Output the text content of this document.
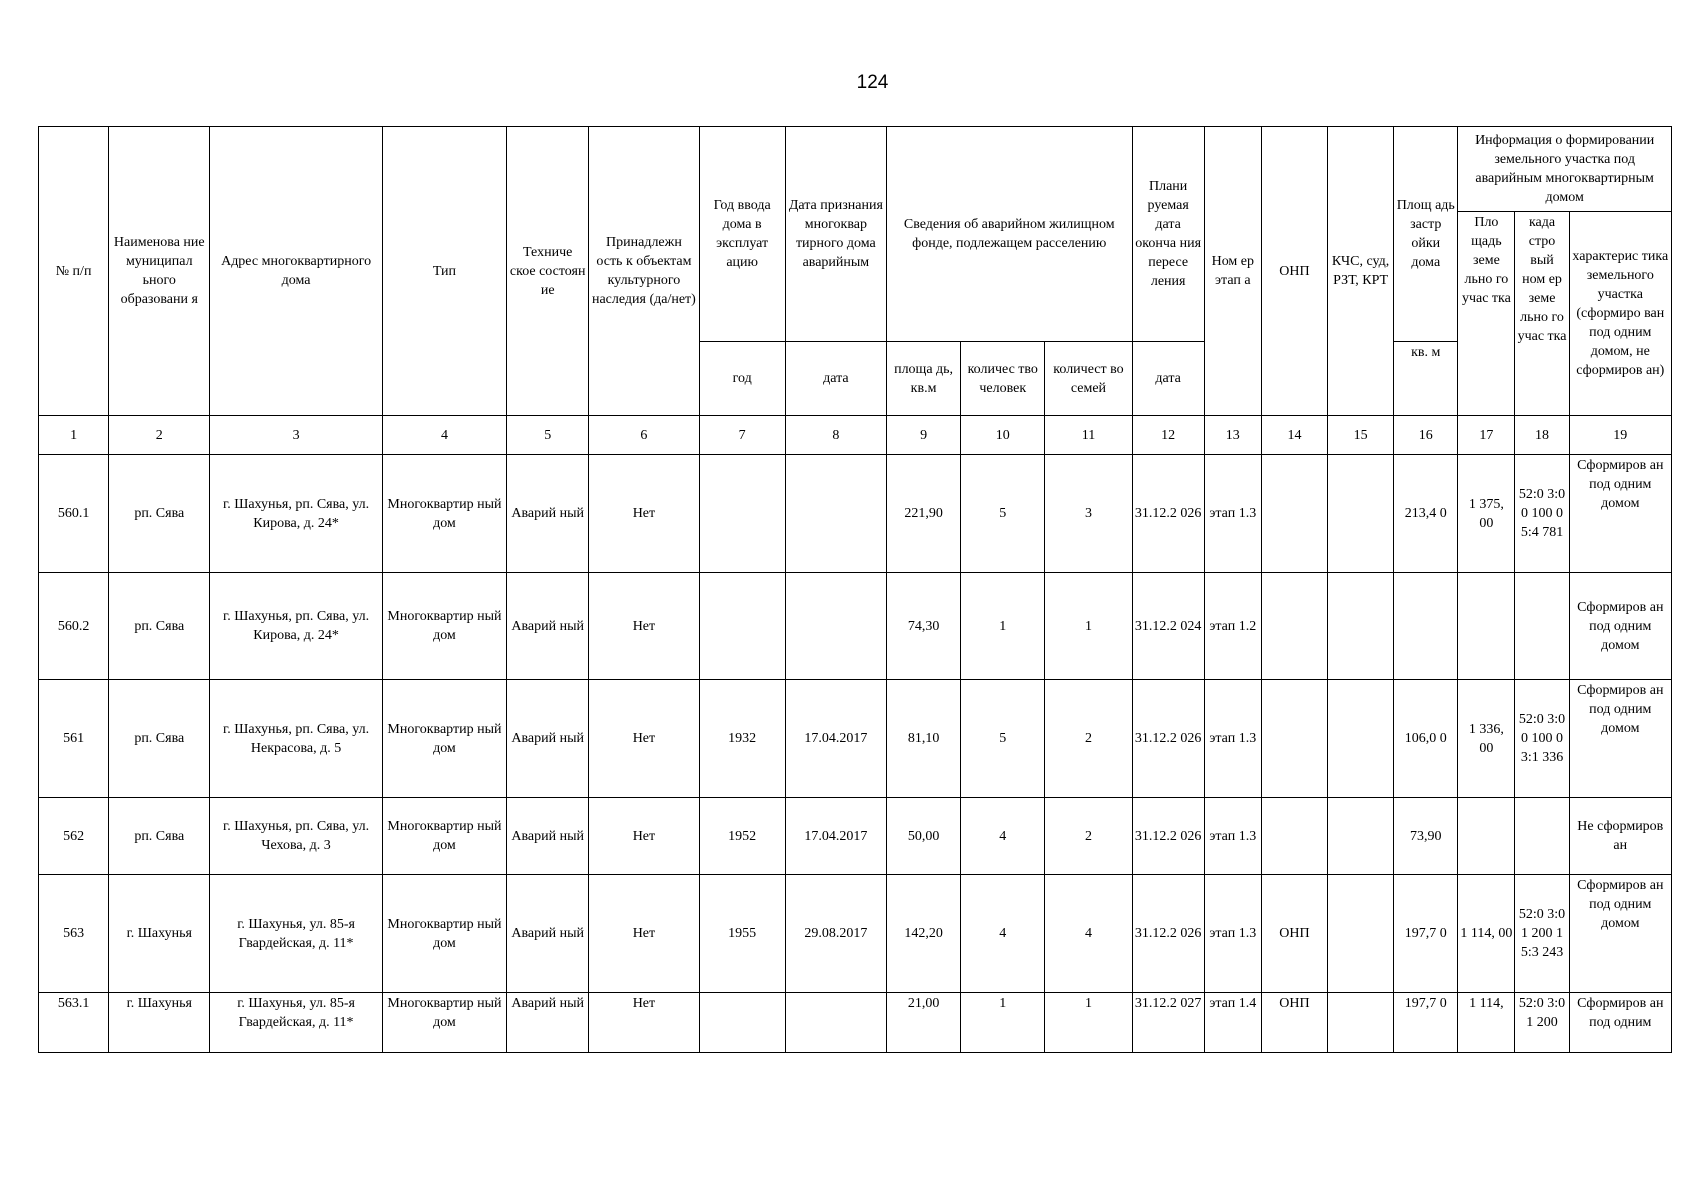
124
№ п/п	Наименова ние муниципал ьного образовани я	Адрес многоквартирного дома	Тип	Техниче ское состоян ие	Принадлежн ость к объектам культурного наследия (да/нет)	Год ввода дома в эксплуат ацию	Дата признания многоквар тирного дома аварийным	Сведения об аварийном жилищном фонде, подлежащем расселению			Плани руемая дата оконча ния пересе ления	Ном ер этап а	ОНП	КЧС, суд, РЗТ, КРТ	Площ адь застр ойки дома	Информация о формировании земельного участка под аварийным многоквартирным домом		
																Пло щадь земе льно го учас тка	када стро вый ном ер земе льно го учас тка	характерис тика земельного участка (сформиро ван под одним домом, не сформиров ан)
						год	дата	площа дь, кв.м	количес тво человек	количест во семей	дата				кв. м			
1	2	3	4	5	6	7	8	9	10	11	12	13	14	15	16	17	18	19
560.1	рп. Сява	г. Шахунья, рп. Сява, ул. Кирова, д. 24*	Многоквартир ный дом	Аварий ный	Нет			221,90	5	3	31.12.2 026	этап 1.3			213,4 0	1 375, 00	52:0 3:00 100 05:4 781	Сформиров ан под одним домом
560.2	рп. Сява	г. Шахунья, рп. Сява, ул. Кирова, д. 24*	Многоквартир ный дом	Аварий ный	Нет			74,30	1	1	31.12.2 024	этап 1.2						Сформиров ан под одним домом
561	рп. Сява	г. Шахунья, рп. Сява, ул. Некрасова, д. 5	Многоквартир ный дом	Аварий ный	Нет	1932	17.04.2017	81,10	5	2	31.12.2 026	этап 1.3			106,0 0	1 336, 00	52:0 3:00 100 03:1 336	Сформиров ан под одним домом
562	рп. Сява	г. Шахунья, рп. Сява, ул. Чехова, д. 3	Многоквартир ный дом	Аварий ный	Нет	1952	17.04.2017	50,00	4	2	31.12.2 026	этап 1.3			73,90			Не сформиров ан
563	г. Шахунья	г. Шахунья, ул. 85-я Гвардейская, д. 11*	Многоквартир ный дом	Аварий ный	Нет	1955	29.08.2017	142,20	4	4	31.12.2 026	этап 1.3	ОНП		197,7 0	1 114, 00	52:0 3:01 200 15:3 243	Сформиров ан под одним домом
563.1	г. Шахунья	г. Шахунья, ул. 85-я Гвардейская, д. 11*	Многоквартир ный дом	Аварий ный	Нет			21,00	1	1	31.12.2 027	этап 1.4	ОНП		197,7 0	1 114,	52:0 3:01 200	Сформиров ан под одним
